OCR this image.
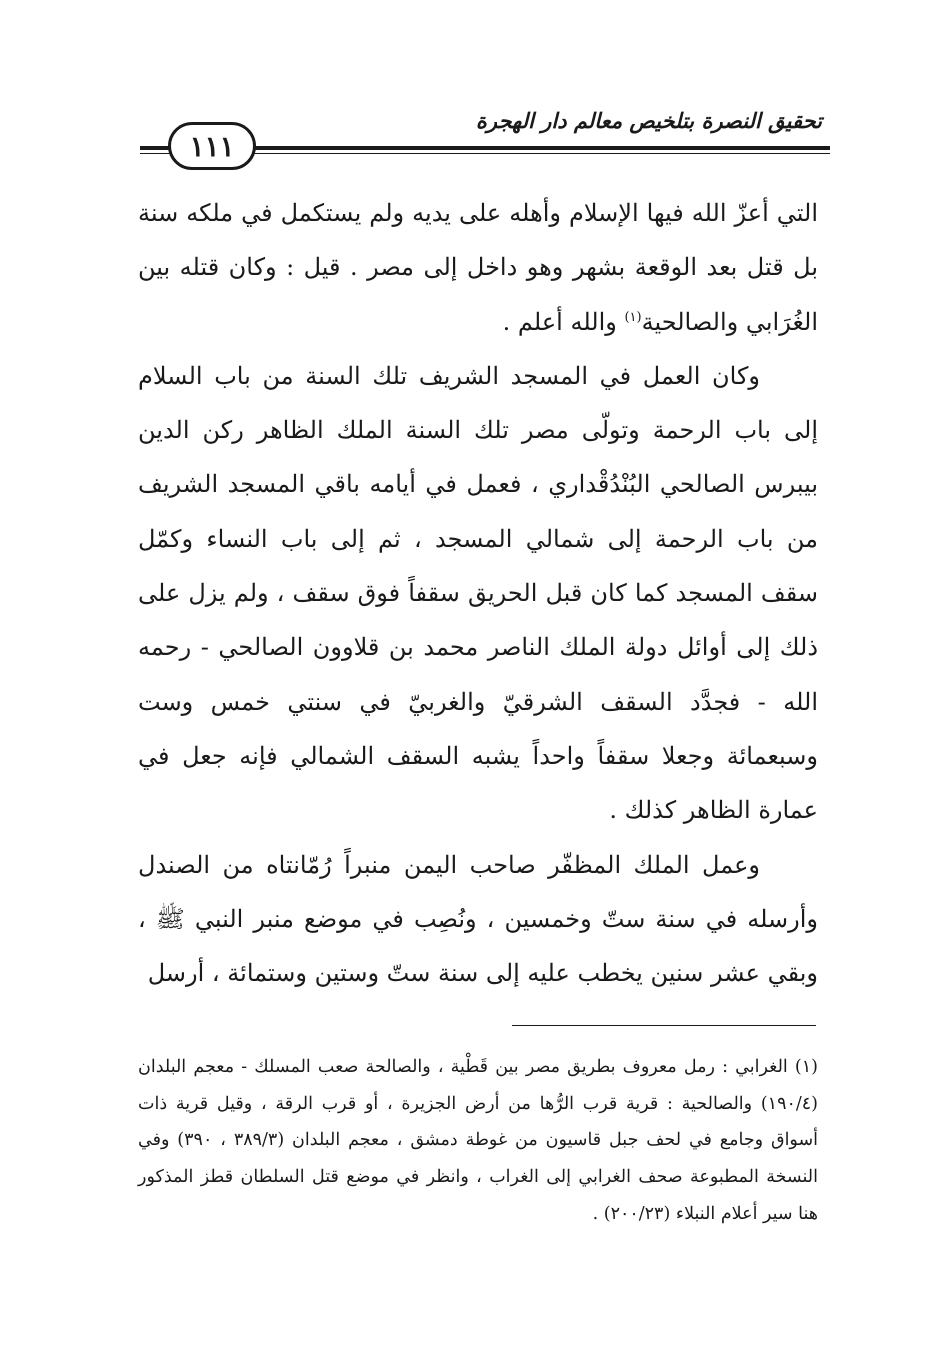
تحقيق النصرة بتلخيص معالم دار الهجرة
١١١

التي أعزّ الله فيها الإسلام وأهله على يديه ولم يستكمل في ملكه سنة بل قتل بعد الوقعة بشهر وهو داخل إلى مصر . قيل : وكان قتله بين الغُرَابي والصالحية$^{(١)}$ والله أعلم .

وكان العمل في المسجد الشريف تلك السنة من باب السلام إلى باب الرحمة وتولّى مصر تلك السنة الملك الظاهر ركن الدين بيبرس الصالحي البُنْدُقْداري ، فعمل في أيامه باقي المسجد الشريف من باب الرحمة إلى شمالي المسجد ، ثم إلى باب النساء وكمّل سقف المسجد كما كان قبل الحريق سقفاً فوق سقف ، ولم يزل على ذلك إلى أوائل دولة الملك الناصر محمد بن قلاوون الصالحي - رحمه الله - فجدَّد السقف الشرقيّ والغربيّ في سنتي خمس وست وسبعمائة وجعلا سقفاً واحداً يشبه السقف الشمالي فإنه جعل في عمارة الظاهر كذلك .

وعمل الملك المظفّر صاحب اليمن منبراً رُمّانتاه من الصندل وأرسله في سنة ستّ وخمسين ، ونُصِب في موضع منبر النبي ﷺ ، وبقي عشر سنين يخطب عليه إلى سنة ستّ وستين وستمائة ، أرسل

(١) الغرابي : رمل معروف بطريق مصر بين قَطْية ، والصالحة صعب المسلك - معجم البلدان (١٩٠/٤) والصالحية : قرية قرب الرُّها من أرض الجزيرة ، أو قرب الرقة ، وقيل قرية ذات أسواق وجامع في لحف جبل قاسيون من غوطة دمشق ، معجم البلدان (٣٨٩/٣ ، ٣٩٠) وفي النسخة المطبوعة صحف الغرابي إلى الغراب ، وانظر في موضع قتل السلطان قطز المذكور هنا سير أعلام النبلاء (٢٠٠/٢٣) .
